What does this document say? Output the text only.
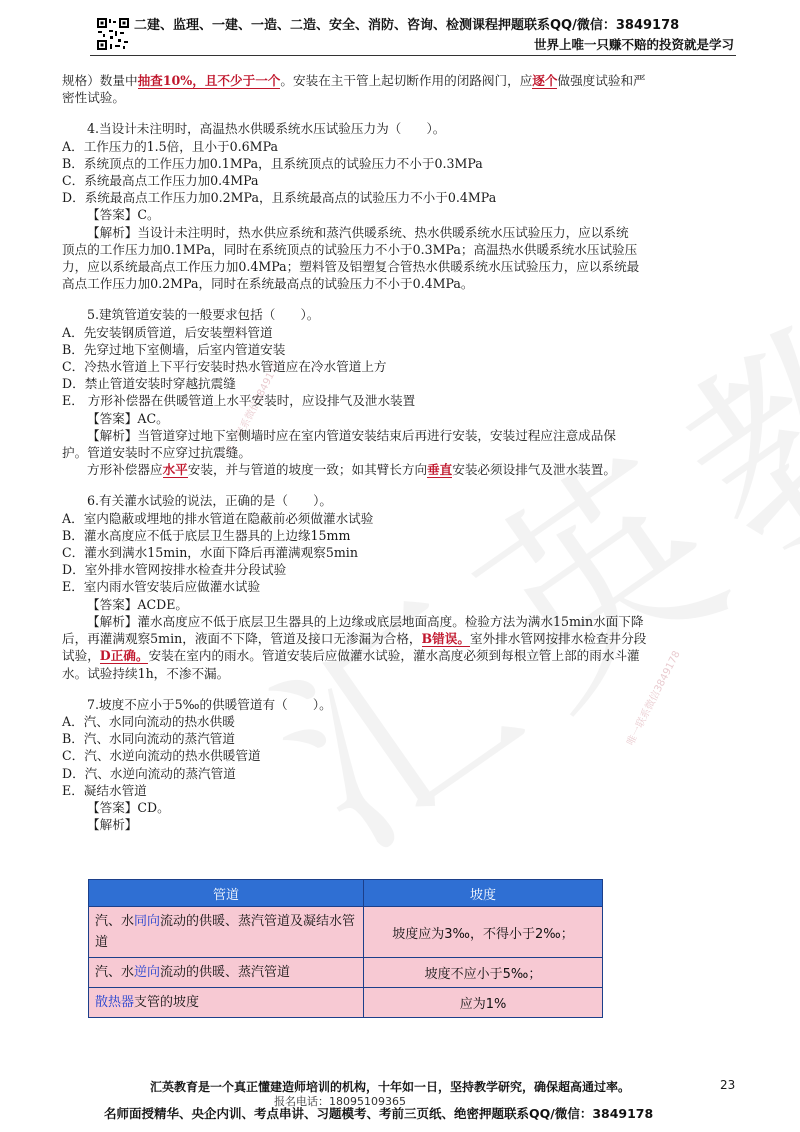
唯一联系微信3849178
唯一联系微信3849178
二建、监理、一建、一造、二造、安全、消防、咨询、检测课程押题联系QQ/微信：3849178
世界上唯一只赚不赔的投资就是学习
规格）数量中抽查10%，且不少于一个。安装在主干管上起切断作用的闭路阀门，应逐个做强度试验和严
密性试验。
4.当设计未注明时，高温热水供暖系统水压试验压力为（　　）。
A．工作压力的1.5倍，且小于0.6MPa
B．系统顶点的工作压力加0.1MPa，且系统顶点的试验压力不小于0.3MPa
C．系统最高点工作压力加0.4MPa
D．系统最高点工作压力加0.2MPa，且系统最高点的试验压力不小于0.4MPa
【答案】C。
【解析】当设计未注明时，热水供应系统和蒸汽供暖系统、热水供暖系统水压试验压力，应以系统
顶点的工作压力加0.1MPa，同时在系统顶点的试验压力不小于0.3MPa；高温热水供暖系统水压试验压
力，应以系统最高点工作压力加0.4MPa；塑料管及铝塑复合管热水供暖系统水压试验压力，应以系统最
高点工作压力加0.2MPa，同时在系统最高点的试验压力不小于0.4MPa。
5.建筑管道安装的一般要求包括（　　）。
A．先安装钢质管道，后安装塑料管道
B．先穿过地下室侧墙，后室内管道安装
C．冷热水管道上下平行安装时热水管道应在冷水管道上方
D．禁止管道安装时穿越抗震缝
E． 方形补偿器在供暖管道上水平安装时，应设排气及泄水装置
【答案】AC。
【解析】当管道穿过地下室侧墙时应在室内管道安装结束后再进行安装，安装过程应注意成品保
护。管道安装时不应穿过抗震缝。
方形补偿器应水平安装，并与管道的坡度一致；如其臂长方向垂直安装必须设排气及泄水装置。
6.有关灌水试验的说法，正确的是（　　）。
A．室内隐蔽或埋地的排水管道在隐蔽前必须做灌水试验
B．灌水高度应不低于底层卫生器具的上边缘15mm
C．灌水到满水15min，水面下降后再灌满观察5min
D．室外排水管网按排水检查井分段试验
E．室内雨水管安装后应做灌水试验
【答案】ACDE。
【解析】灌水高度应不低于底层卫生器具的上边缘或底层地面高度。检验方法为满水15min水面下降
后，再灌满观察5min，液面不下降，管道及接口无渗漏为合格，B错误。室外排水管网按排水检查井分段
试验，D正确。安装在室内的雨水。管道安装后应做灌水试验，灌水高度必须到每根立管上部的雨水斗灌
水。试验持续1h，不渗不漏。
7.坡度不应小于5‰的供暖管道有（　　）。
A．汽、水同向流动的热水供暖
B．汽、水同向流动的蒸汽管道
C．汽、水逆向流动的热水供暖管道
D．汽、水逆向流动的蒸汽管道
E．凝结水管道
【答案】CD。
【解析】
管道	坡度
汽、水同向流动的供暖、蒸汽管道及凝结水管道	坡度应为3‰，不得小于2‰；
汽、水逆向流动的供暖、蒸汽管道	坡度不应小于5‰；
散热器支管的坡度	应为1%
汇英教育是一个真正懂建造师培训的机构，十年如一日，坚持教学研究，确保超高通过率。	23
报名电话：18095109365
名师面授精华、央企内训、考点串讲、习题模考、考前三页纸、绝密押题联系QQ/微信：3849178
